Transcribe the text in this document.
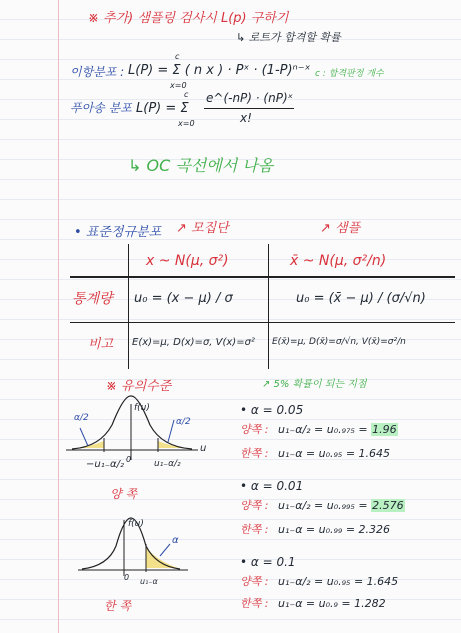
※ 추가) 샘플링 검사시 L(p) 구하기
↳ 로트가 합격할 확률
이항분포 : L(P) = Σ ( n x ) · Pˣ · (1-P)ⁿ⁻ˣ
c
x=0
c : 합격판정 개수
푸아송 분포 :
L(P) = Σ
c
x=0
e^(-nP) · (nP)ˣ
x!
↳ OC 곡선에서 나옴
• 표준정규분포 ↗ 모집단	↗ 샘플
x ~ N(μ, σ²)	x̄ ~ N(μ, σ²/n)
통계량 u₀ = (x − μ) / σ	u₀ = (x̄ − μ) / (σ/√n)
비고 E(x)=μ, D(x)=σ, V(x)=σ² E(x̄)=μ, D(x̄)=σ/√n, V(x̄)=σ²/n
※ 유의수준	↗ 5% 확률이 되는 지점
f(u)
u
α/2	α/2
0
−u₁₋α/₂	u₁₋α/₂
양 쪽
f(u)
α
0 u₁₋α
한 쪽
• α = 0.05
양쪽 : u₁₋α/₂ = u₀.₉₇₅ = 1.96
한쪽 : u₁₋α = u₀.₉₅ = 1.645
• α = 0.01
양쪽 : u₁₋α/₂ = u₀.₉₉₅ = 2.576
한쪽 : u₁₋α = u₀.₉₉ = 2.326
• α = 0.1
양쪽 : u₁₋α/₂ = u₀.₉₅ = 1.645
한쪽 : u₁₋α = u₀.₉ = 1.282
